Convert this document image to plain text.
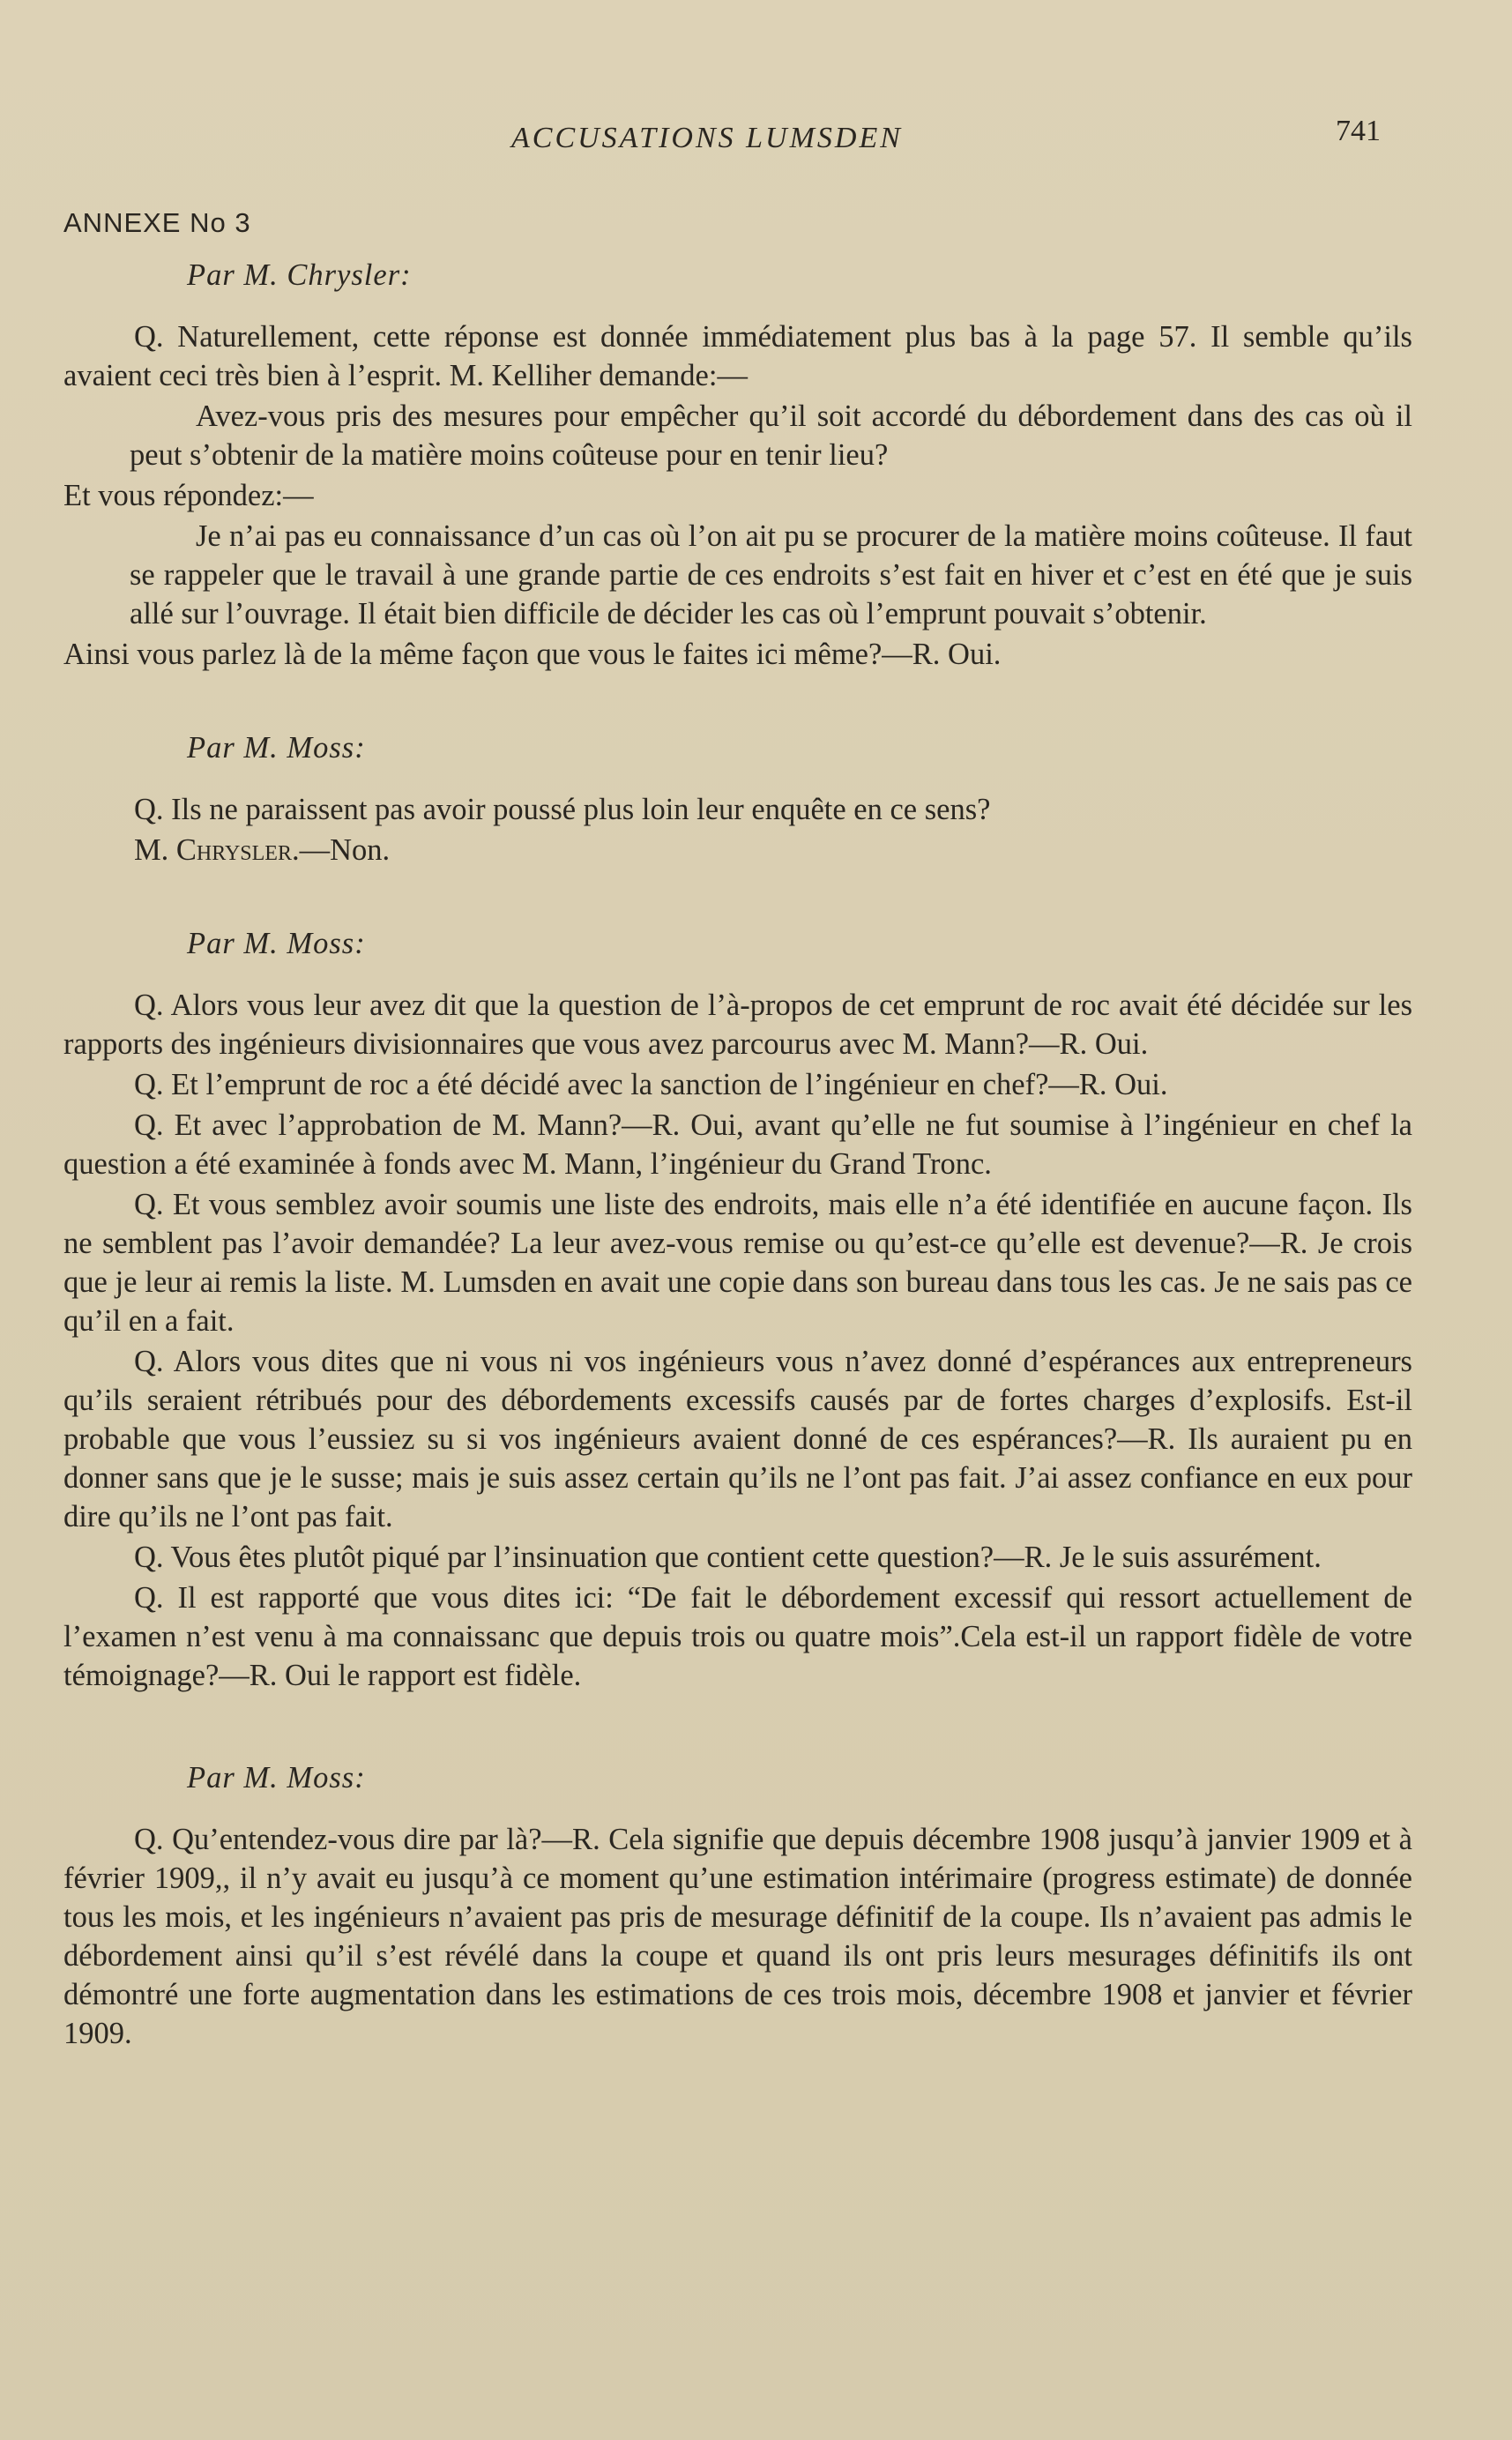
ACCUSATIONS LUMSDEN	741
ANNEXE No 3
Par M. Chrysler:

Q. Naturellement, cette réponse est donnée immédiatement plus bas à la page 57. Il semble qu’ils avaient ceci très bien à l’esprit. M. Kelliher demande:—

Avez-vous pris des mesures pour empêcher qu’il soit accordé du débordement dans des cas où il peut s’obtenir de la matière moins coûteuse pour en tenir lieu?

Et vous répondez:—

Je n’ai pas eu connaissance d’un cas où l’on ait pu se procurer de la matière moins coûteuse. Il faut se rappeler que le travail à une grande partie de ces endroits s’est fait en hiver et c’est en été que je suis allé sur l’ouvrage. Il était bien difficile de décider les cas où l’emprunt pouvait s’obtenir.

Ainsi vous parlez là de la même façon que vous le faites ici même?—R. Oui.

Par M. Moss:

Q. Ils ne paraissent pas avoir poussé plus loin leur enquête en ce sens?

M. Chrysler.—Non.

Par M. Moss:

Q. Alors vous leur avez dit que la question de l’à-propos de cet emprunt de roc avait été décidée sur les rapports des ingénieurs divisionnaires que vous avez parcourus avec M. Mann?—R. Oui.

Q. Et l’emprunt de roc a été décidé avec la sanction de l’ingénieur en chef?—R. Oui.

Q. Et avec l’approbation de M. Mann?—R. Oui, avant qu’elle ne fut soumise à l’ingénieur en chef la question a été examinée à fonds avec M. Mann, l’ingénieur du Grand Tronc.

Q. Et vous semblez avoir soumis une liste des endroits, mais elle n’a été identifiée en aucune façon. Ils ne semblent pas l’avoir demandée? La leur avez-vous remise ou qu’est-ce qu’elle est devenue?—R. Je crois que je leur ai remis la liste. M. Lumsden en avait une copie dans son bureau dans tous les cas. Je ne sais pas ce qu’il en a fait.

Q. Alors vous dites que ni vous ni vos ingénieurs vous n’avez donné d’espérances aux entrepreneurs qu’ils seraient rétribués pour des débordements excessifs causés par de fortes charges d’explosifs. Est-il probable que vous l’eussiez su si vos ingénieurs avaient donné de ces espérances?—R. Ils auraient pu en donner sans que je le susse; mais je suis assez certain qu’ils ne l’ont pas fait. J’ai assez confiance en eux pour dire qu’ils ne l’ont pas fait.

Q. Vous êtes plutôt piqué par l’insinuation que contient cette question?—R. Je le suis assurément.

Q. Il est rapporté que vous dites ici: “De fait le débordement excessif qui ressort actuellement de l’examen n’est venu à ma connaissanc que depuis trois ou quatre mois”.Cela est-il un rapport fidèle de votre témoignage?—R. Oui le rapport est fidèle.

Par M. Moss:

Q. Qu’entendez-vous dire par là?—R. Cela signifie que depuis décembre 1908 jusqu’à janvier 1909 et à février 1909,, il n’y avait eu jusqu’à ce moment qu’une estimation intérimaire (progress estimate) de donnée tous les mois, et les ingénieurs n’avaient pas pris de mesurage définitif de la coupe. Ils n’avaient pas admis le débordement ainsi qu’il s’est révélé dans la coupe et quand ils ont pris leurs mesurages définitifs ils ont démontré une forte augmentation dans les estimations de ces trois mois, décembre 1908 et janvier et février 1909.
